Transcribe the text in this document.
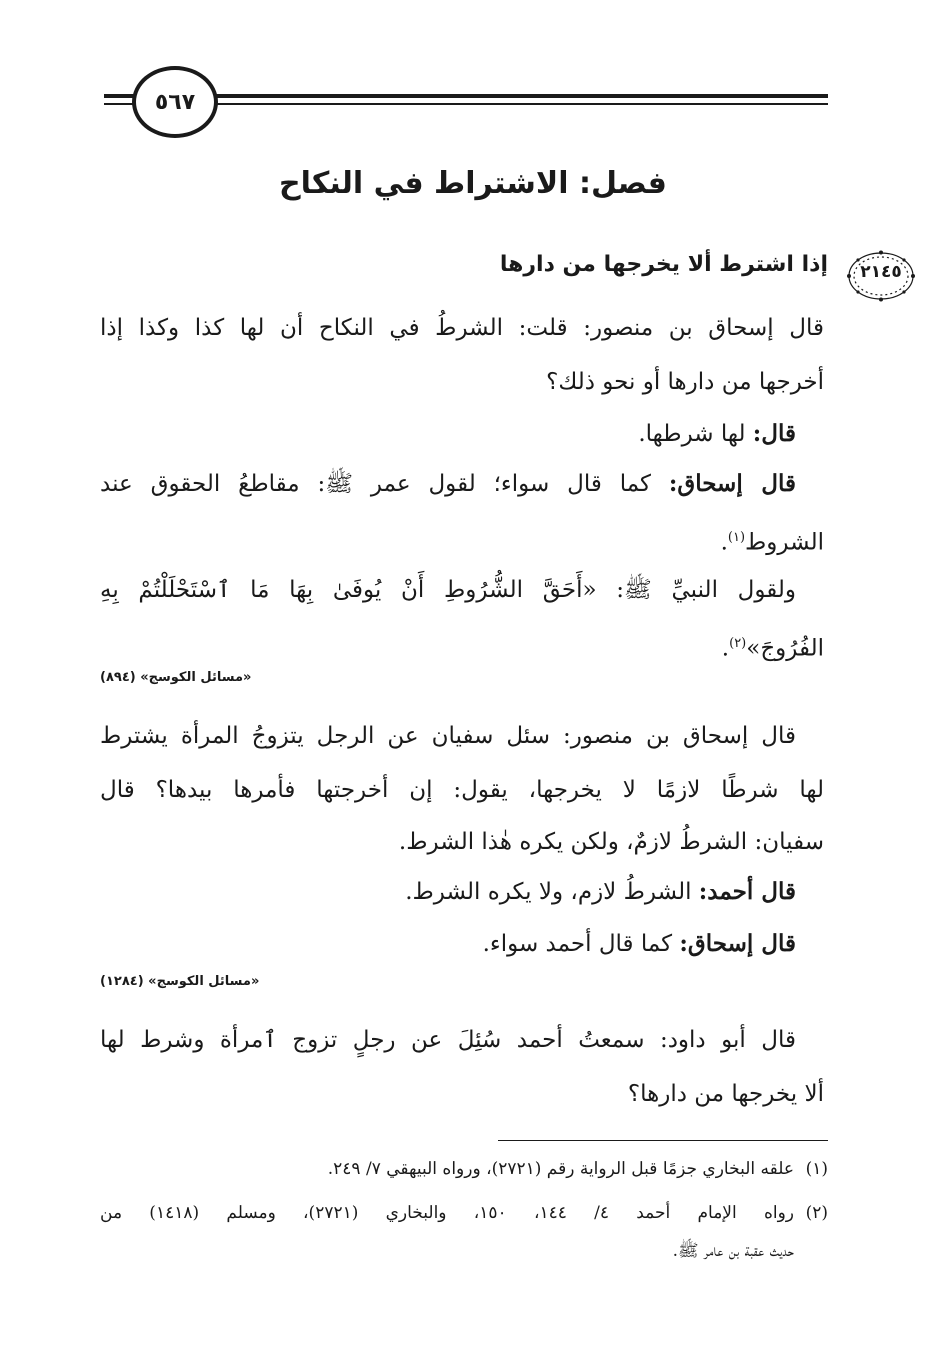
٥٦٧
فصل: الاشتراط في النكاح
٢١٤٥
إذا اشترط ألا يخرجها من دارها
قال إسحاق بن منصور: قلت: الشرطُ في النكاح أن لها كذا وكذا إذا
أخرجها من دارها أو نحو ذلك؟
قال: لها شرطها.
قال إسحاق: كما قال سواء؛ لقول عمر ﷺ: مقاطعُ الحقوق عند
الشروط$^{(١)}$.
ولقول النبيِّ ﷺ: «أَحَقَّ الشُّرُوطِ أَنْ يُوفَىٰ بِهَا مَا ٱسْتَحْلَلْتُمْ بِهِ
الفُرُوجَ»$^{(٢)}$.
«مسائل الكوسج» (٨٩٤)
قال إسحاق بن منصور: سئل سفيان عن الرجل يتزوجُ المرأة يشترط
لها شرطًا لازمًا لا يخرجها، يقول: إن أخرجتها فأمرها بيدها؟ قال
سفيان: الشرطُ لازمٌ، ولكن يكره هٰذا الشرط.
قال أحمد: الشرطُ لازم، ولا يكره الشرط.
قال إسحاق: كما قال أحمد سواء.
«مسائل الكوسج» (١٢٨٤)
قال أبو داود: سمعتُ أحمد سُئِلَ عن رجلٍ تزوج ٱمرأة وشرط لها
ألا يخرجها من دارها؟
(١)علقه البخاري جزمًا قبل الرواية رقم (٢٧٢١)، ورواه البيهقي ٧/ ٢٤٩.
(٢)رواه الإمام أحمد ٤/ ١٤٤، ١٥٠، والبخاري (٢٧٢١)، ومسلم (١٤١٨) من
حديث عقبة بن عامر ﷺ.
